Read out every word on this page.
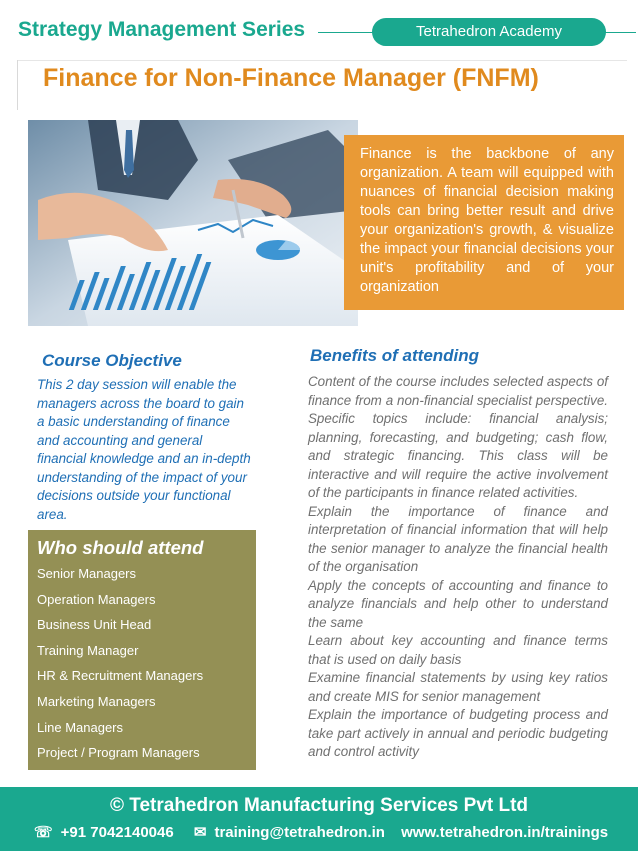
Strategy Management Series	Tetrahedron Academy
Finance for Non-Finance Manager (FNFM)
Finance is the backbone of any organization. A team will equipped with nuances of financial decision making tools can bring better result and drive your organization's growth, & visualize the impact your financial decisions your unit's profitability and of your organization
Course Objective
This 2 day session will enable the managers across the board to gain a basic understanding of finance and accounting and general financial knowledge and an in-depth understanding of the impact of your decisions outside your functional area.
Benefits of attending

Content of the course includes selected aspects of finance from a non-financial specialist perspective. Specific topics include: financial analysis; planning, forecasting, and budgeting; cash flow, and strategic financing. This class will be interactive and will require the active involvement of the participants in finance related activities.

Explain the importance of finance and interpretation of financial information that will help the senior manager to analyze the financial health of the organisation

Apply the concepts of accounting and finance to analyze financials and help other to understand the same

Learn about key accounting and finance terms that is used on daily basis

Examine financial statements by using key ratios and create MIS for senior management

Explain the importance of budgeting process and take part actively in annual and periodic budgeting and control activity

Who should attend
Senior Managers
Operation Managers
Business Unit Head
Training Manager
HR & Recruitment Managers
Marketing Managers
Line Managers
Project / Program Managers
© Tetrahedron Manufacturing Services Pvt Ltd
☏ +91 7042140046 ✉ training@tetrahedron.in www.tetrahedron.in/trainings
